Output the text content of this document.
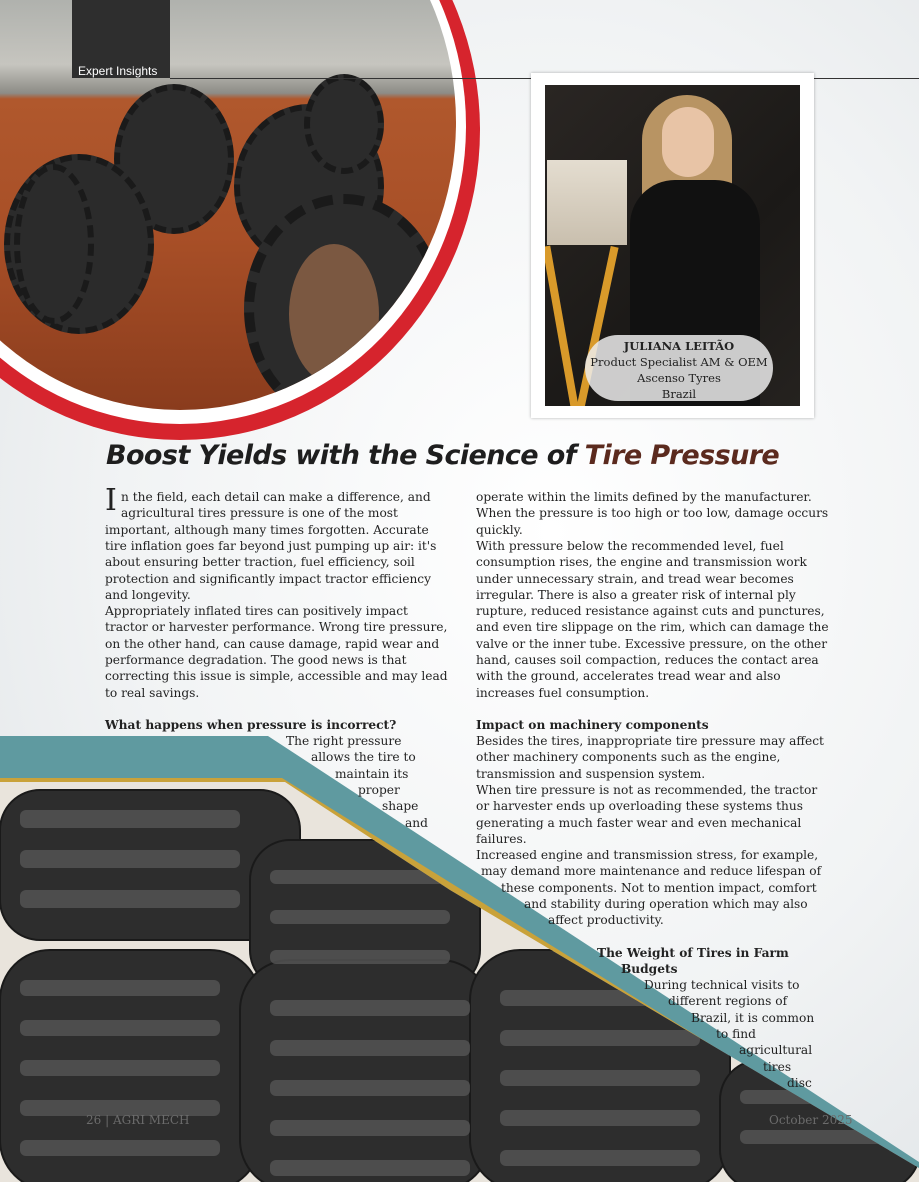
Expert Insights
JULIANA LEITÃO
Product Specialist AM & OEM
Ascenso Tyres
Brazil
Boost Yields with the Science of Tire Pressure
I n the field, each detail can make a difference, and
agricultural tires pressure is one of the most
important, although many times forgotten. Accurate
tire inflation goes far beyond just pumping up air: it's
about ensuring better traction, fuel efficiency, soil
protection and significantly impact tractor efficiency
and longevity.
Appropriately inflated tires can positively impact
tractor or harvester performance. Wrong tire pressure,
on the other hand, can cause damage, rapid wear and
performance degradation. The good news is that
correcting this issue is simple, accessible and may lead
to real savings.
What happens when pressure is incorrect?
The right pressure
allows the tire to
maintain its
proper
shape
and
operate within the limits defined by the manufacturer.
When the pressure is too high or too low, damage occurs
quickly.
With pressure below the recommended level, fuel
consumption rises, the engine and transmission work
under unnecessary strain, and tread wear becomes
irregular. There is also a greater risk of internal ply
rupture, reduced resistance against cuts and punctures,
and even tire slippage on the rim, which can damage the
valve or the inner tube. Excessive pressure, on the other
hand, causes soil compaction, reduces the contact area
with the ground, accelerates tread wear and also
increases fuel consumption.
Impact on machinery components
Besides the tires, inappropriate tire pressure may affect
other machinery components such as the engine,
transmission and suspension system.
When tire pressure is not as recommended, the tractor
or harvester ends up overloading these systems thus
generating a much faster wear and even mechanical
failures.
Increased engine and transmission stress, for example,
may demand more maintenance and reduce lifespan of
these components. Not to mention impact, comfort
and stability during operation which may also
affect productivity.
The Weight of Tires in Farm
Budgets
During technical visits to
different regions of
Brazil, it is common
to find
agricultural
tires
disc
26 | AGRI MECH	October 2025
